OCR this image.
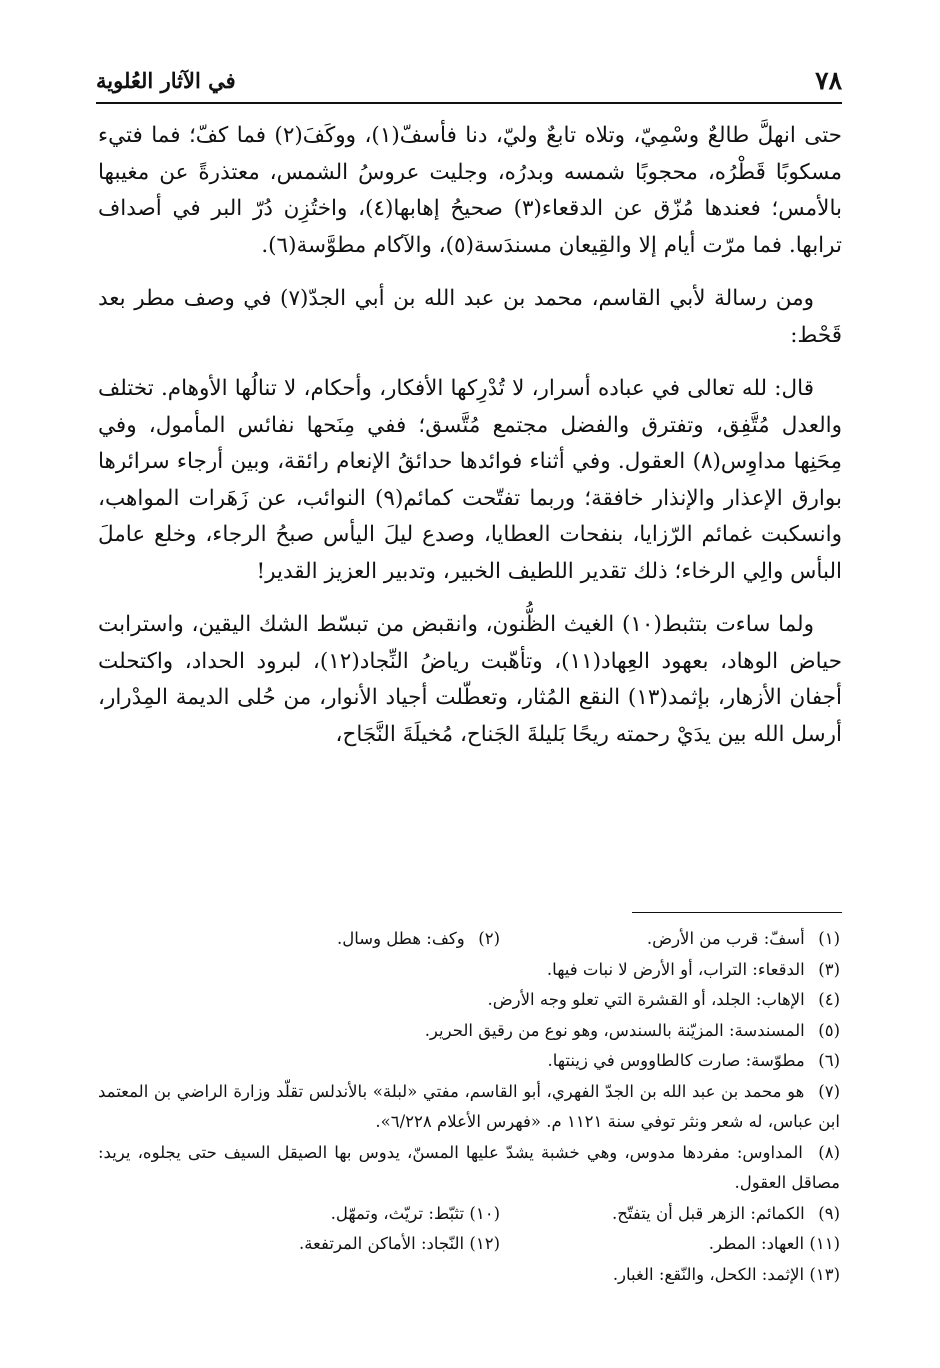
٧٨
في الآثار العُلوية

حتى انهلَّ طالعٌ وسْمِيّ، وتلاه تابعٌ وليّ، دنا فأسفّ(١)، ووكَفَ(٢) فما كفّ؛ فما فتيء مسكوبًا قَطْرُه، محجوبًا شمسه وبدرُه، وجليت عروسُ الشمس، معتذرةً عن مغيبها بالأمس؛ فعندها مُزّق عن الدقعاء(٣) صحيحُ إهابها(٤)، واختُزِن دُرّ البر في أصداف ترابها. فما مرّت أيام إلا والقِيعان مسندَسة(٥)، والآكام مطوَّسة(٦).

ومن رسالة لأبي القاسم، محمد بن عبد الله بن أبي الجدّ(٧) في وصف مطر بعد قَحْط:

قال: لله تعالى في عباده أسرار، لا تُدْرِكها الأفكار، وأحكام، لا تنالُها الأوهام. تختلف والعدل مُتَّفِق، وتفترق والفضل مجتمع مُتَّسق؛ ففي مِنَحها نفائس المأمول، وفي مِحَنِها مداوِس(٨) العقول. وفي أثناء فوائدها حدائقُ الإنعام رائقة، وبين أرجاء سرائرها بوارق الإعذار والإنذار خافقة؛ وربما تفتّحت كمائم(٩) النوائب، عن زَهَرات المواهب، وانسكبت غمائم الرّزايا، بنفحات العطايا، وصدع ليلَ اليأس صبحُ الرجاء، وخلع عاملَ البأس والِي الرخاء؛ ذلك تقدير اللطيف الخبير، وتدبير العزيز القدير!

ولما ساءت بتثبط(١٠) الغيث الظُّنون، وانقبض من تبسّط الشك اليقين، واسترابت حياض الوهاد، بعهود العِهاد(١١)، وتأهّبت رياضُ النِّجاد(١٢)، لبرود الحداد، واكتحلت أجفان الأزهار، بإثمد(١٣) النقع المُثار، وتعطّلت أجياد الأنوار، من حُلى الديمة المِدْرار، أرسل الله بين يدَيْ رحمته ريحًا بَليلةَ الجَناح، مُخيلَةَ النَّجَاح،

(١) أسفّ: قرب من الأرض.
(٢) وكف: هطل وسال.
(٣) الدقعاء: التراب، أو الأرض لا نبات فيها.
(٤) الإهاب: الجلد، أو القشرة التي تعلو وجه الأرض.
(٥) المسندسة: المزيّنة بالسندس، وهو نوع من رقيق الحرير.
(٦) مطوّسة: صارت كالطاووس في زينتها.
(٧) هو محمد بن عبد الله بن الجدّ الفهري، أبو القاسم، مفتي «لبلة» بالأندلس تقلّد وزارة الراضي بن المعتمد ابن عباس، له شعر ونثر توفي سنة ١١٢١ م. «فهرس الأعلام ٦/٢٢٨».
(٨) المداوس: مفردها مدوس، وهي خشبة يشدّ عليها المسنّ، يدوس بها الصيقل السيف حتى يجلوه، يريد: مصاقل العقول.
(٩) الكمائم: الزهر قبل أن يتفتّح.
(١٠) تثبّط: تريّث، وتمهّل.
(١١) العهاد: المطر.
(١٢) النّجاد: الأماكن المرتفعة.
(١٣) الإثمد: الكحل، والنّقع: الغبار.
